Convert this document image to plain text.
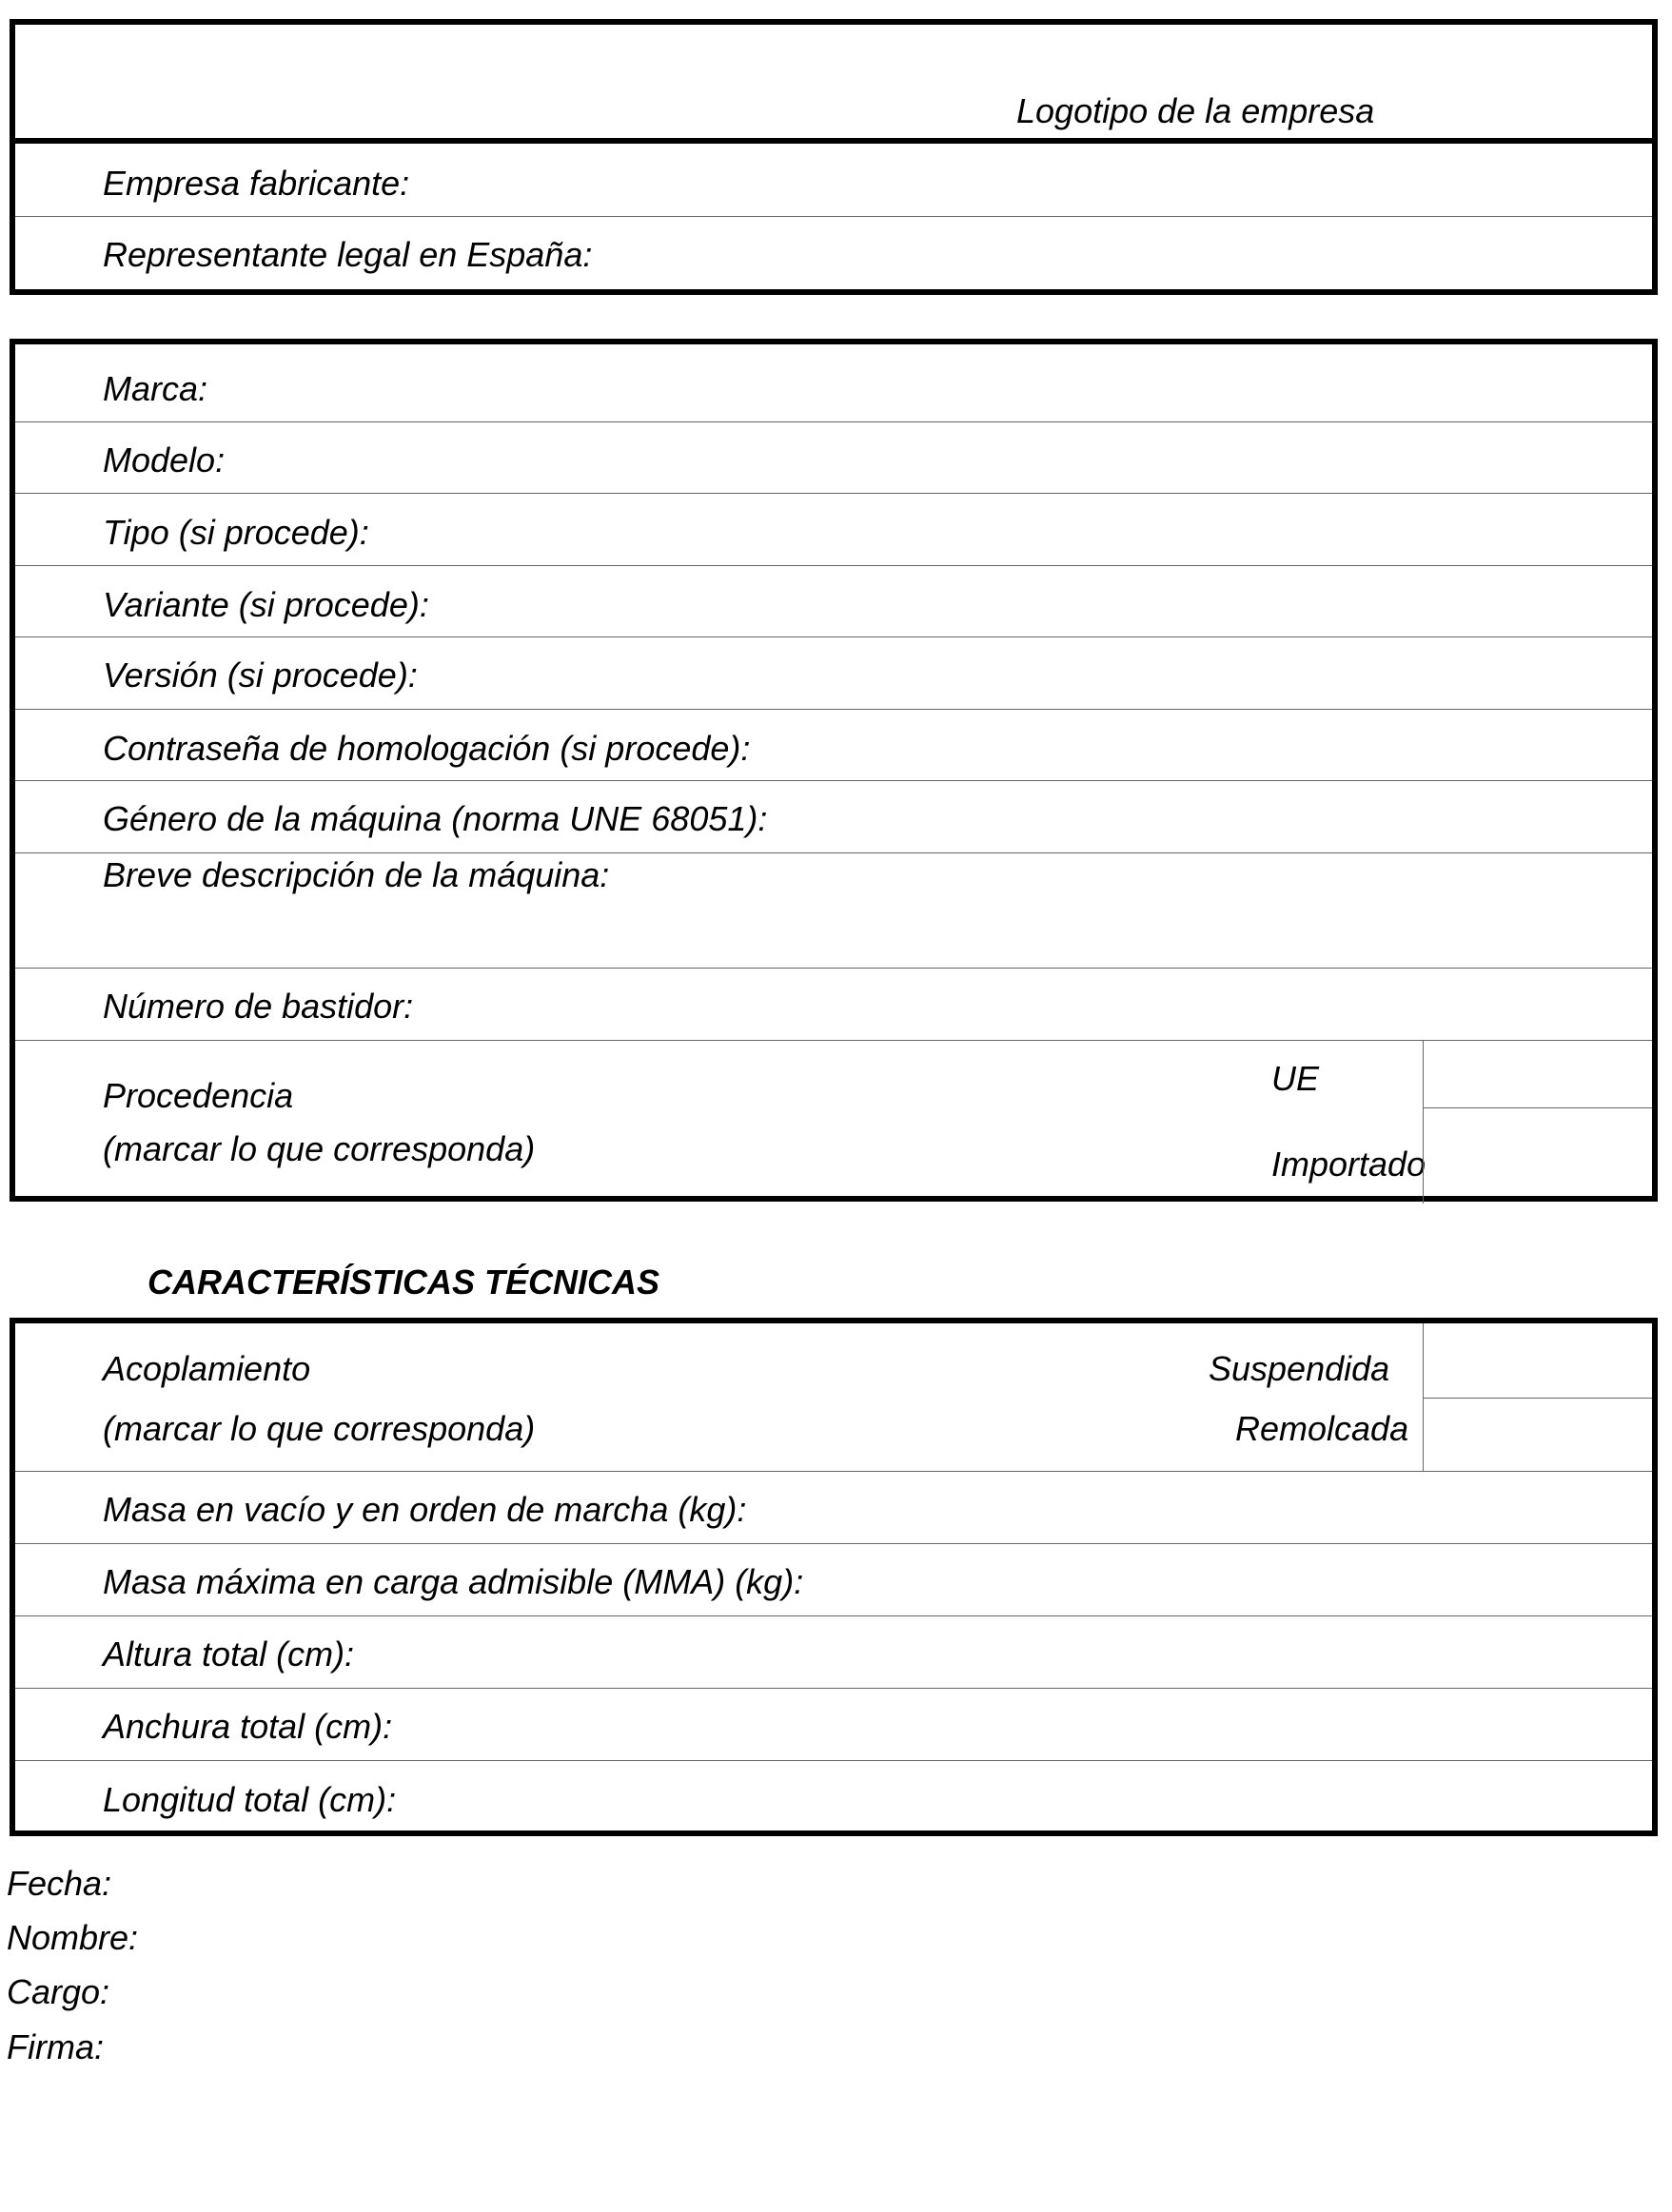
Logotipo de la empresa
Empresa fabricante:
Representante legal en España:
Marca:
Modelo:
Tipo (si procede):
Variante (si procede):
Versión (si procede):
Contraseña de homologación (si procede):
Género de la máquina (norma UNE 68051):
Breve descripción de la máquina:
Número de bastidor:
Procedencia
(marcar lo que corresponda)
UE
Importado
CARACTERÍSTICAS TÉCNICAS
Acoplamiento
(marcar lo que corresponda)
Suspendida
Remolcada
Masa en vacío y en orden de marcha (kg):
Masa máxima en carga admisible (MMA) (kg):
Altura total (cm):
Anchura total (cm):
Longitud total (cm):
Fecha:
Nombre:
Cargo:
Firma:
